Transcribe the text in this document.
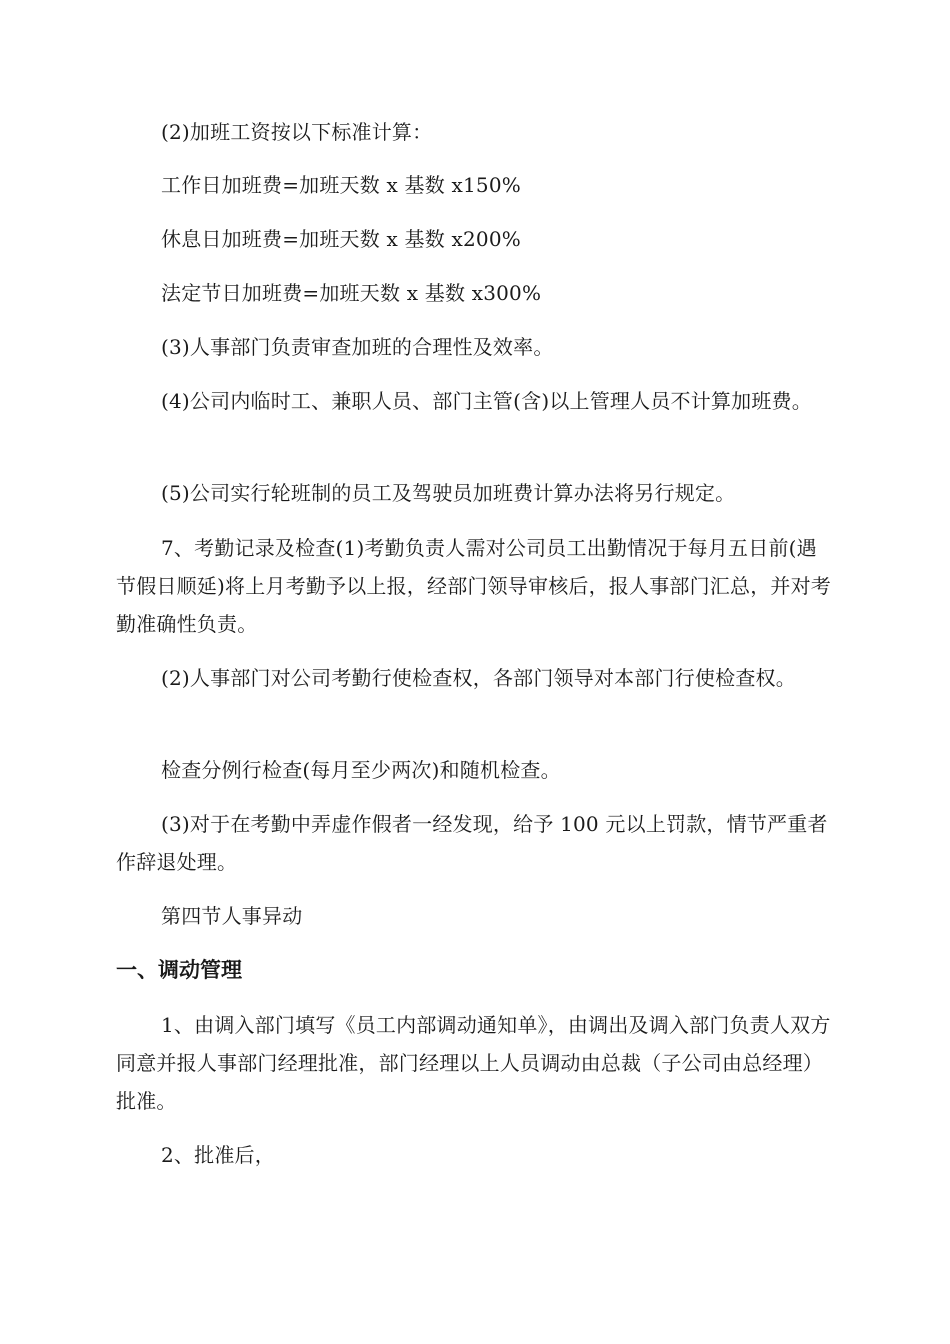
(2)加班工资按以下标准计算：

工作日加班费=加班天数 x 基数 x150%

休息日加班费=加班天数 x 基数 x200%

法定节日加班费=加班天数 x 基数 x300%

(3)人事部门负责审查加班的合理性及效率。

(4)公司内临时工、兼职人员、部门主管(含)以上管理人员不计算加班费。

(5)公司实行轮班制的员工及驾驶员加班费计算办法将另行规定。

7、考勤记录及检查(1)考勤负责人需对公司员工出勤情况于每月五日前(遇节假日顺延)将上月考勤予以上报，经部门领导审核后，报人事部门汇总，并对考勤准确性负责。

(2)人事部门对公司考勤行使检查权，各部门领导对本部门行使检查权。

检查分例行检查(每月至少两次)和随机检查。

(3)对于在考勤中弄虚作假者一经发现，给予 100 元以上罚款，情节严重者作辞退处理。

第四节人事异动

一、调动管理

1、由调入部门填写《员工内部调动通知单》，由调出及调入部门负责人双方同意并报人事部门经理批准，部门经理以上人员调动由总裁（子公司由总经理）批准。

2、批准后，
